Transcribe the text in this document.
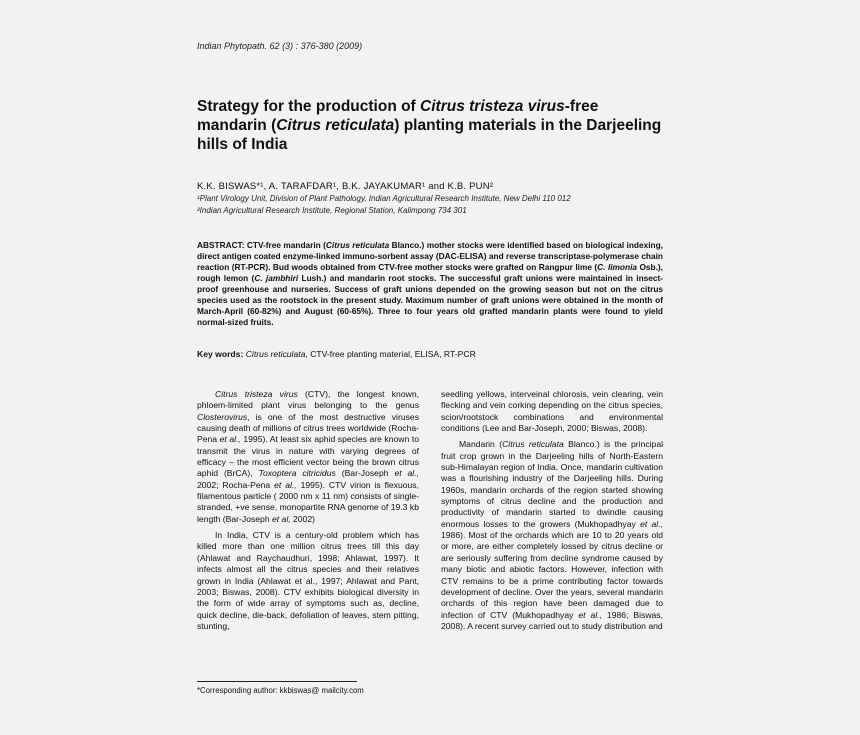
Indian Phytopath. 62 (3) : 376-380 (2009)
Strategy for the production of Citrus tristeza virus-free mandarin (Citrus reticulata) planting materials in the Darjeeling hills of India
K.K. BISWAS*¹, A. TARAFDAR¹, B.K. JAYAKUMAR¹ and K.B. PUN²
¹Plant Virology Unit, Division of Plant Pathology, Indian Agricultural Research Institute, New Delhi 110 012
²Indian Agricultural Research Institute, Regional Station, Kalimpong 734 301

ABSTRACT: CTV-free mandarin (Citrus reticulata Blanco.) mother stocks were identified based on biological indexing, direct antigen coated enzyme-linked immuno-sorbent assay (DAC-ELISA) and reverse transcriptase-polymerase chain reaction (RT-PCR). Bud woods obtained from CTV-free mother stocks were grafted on Rangpur lime (C. limonia Osb.), rough lemon (C. jambhiri Lush.) and mandarin root stocks. The successful graft unions were maintained in insect-proof greenhouse and nurseries. Success of graft unions depended on the growing season but not on the citrus species used as the rootstock in the present study. Maximum number of graft unions were obtained in the month of March-April (60-82%) and August (60-65%). Three to four years old grafted mandarin plants were found to yield normal-sized fruits.

Key words: Citrus reticulata, CTV-free planting material, ELISA, RT-PCR

Citrus tristeza virus (CTV), the longest known, phloem-limited plant virus belonging to the genus Closterovirus, is one of the most destructive viruses causing death of millions of citrus trees worldwide (Rocha-Pena et al., 1995). At least six aphid species are known to transmit the virus in nature with varying degrees of efficacy – the most efficient vector being the brown citrus aphid (BrCA), Toxoptera citricidus (Bar-Joseph et al., 2002; Rocha-Pena et al., 1995). CTV virion is flexuous, filamentous particle ( 2000 nm x 11 nm) consists of single-stranded, +ve sense, monopartite RNA genome of 19.3 kb length (Bar-Joseph et al, 2002)

In India, CTV is a century-old problem which has killed more than one million citrus trees till this day (Ahlawat and Raychaudhuri, 1998; Ahlawat, 1997). It infects almost all the citrus species and their relatives grown in India (Ahlawat et al., 1997; Ahlawat and Pant, 2003; Biswas, 2008). CTV exhibits biological diversity in the form of wide array of symptoms such as, decline, quick decline, die-back, defoliation of leaves, stem pitting, stunting,

seedling yellows, interveinal chlorosis, vein clearing, vein flecking and vein corking depending on the citrus species, scion/rootstock combinations and environmental conditions (Lee and Bar-Joseph, 2000; Biswas, 2008).

Mandarin (Citrus reticulata Blanco.) is the principal fruit crop grown in the Darjeeling hills of North-Eastern sub-Himalayan region of India. Once, mandarin cultivation was a flourishing industry of the Darjeeling hills. During 1960s, mandarin orchards of the region started showing symptoms of citrus decline and the production and productivity of mandarin started to dwindle causing enormous losses to the growers (Mukhopadhyay et al., 1986). Most of the orchards which are 10 to 20 years old or more, are either completely lossed by citrus decline or are seriously suffering from decline syndrome caused by many biotic and abiotic factors. However, infection with CTV remains to be a prime contributing factor towards development of decline. Over the years, several mandarin orchards of this region have been damaged due to infection of CTV (Mukhopadhyay et al., 1986; Biswas, 2008). A recent survey carried out to study distribution and

*Corresponding author: kkbiswas@ mailcity.com
